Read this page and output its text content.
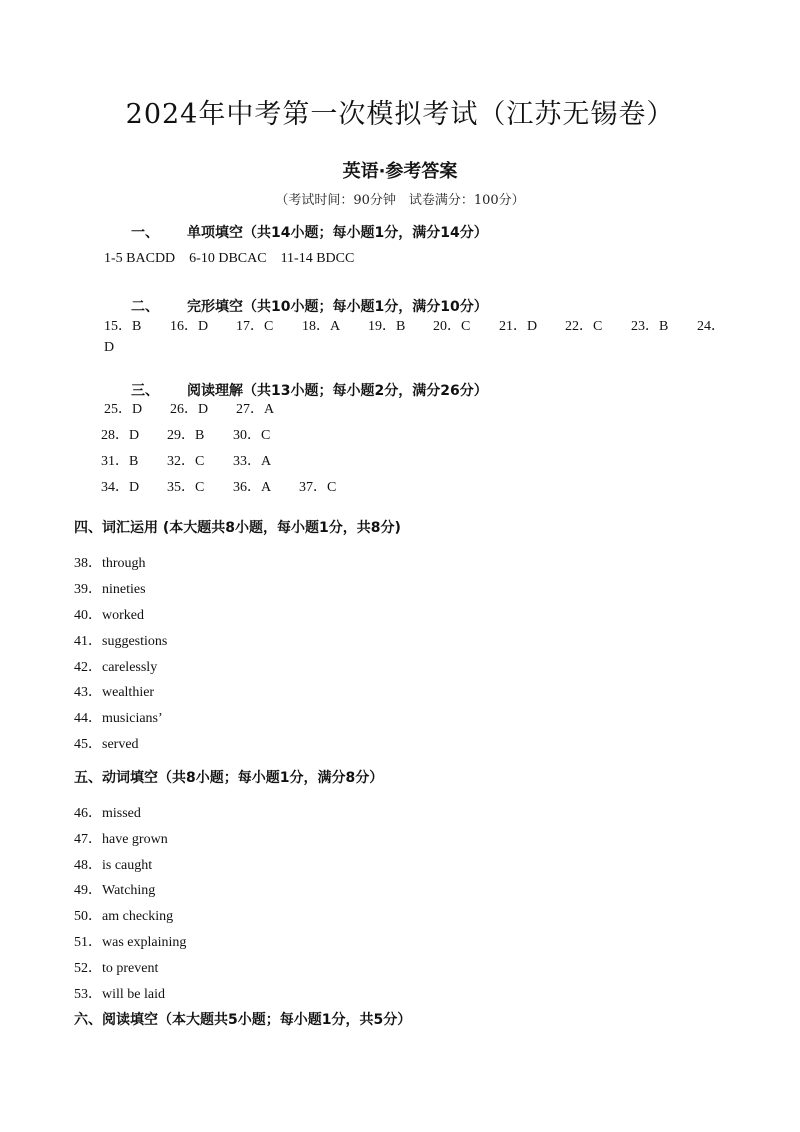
2024年中考第一次模拟考试（江苏无锡卷）
英语·参考答案
（考试时间：90分钟　试卷满分：100分）
一、 单项填空（共14小题；每小题1分，满分14分）
1-5 BACDD　6-10 DBCAC　11-14 BDCC
二、 完形填空（共10小题；每小题1分，满分10分）
15．B 16．D 17．C 18．A 19．B 20．C 21．D 22．C 23．B 24．
D
三、 阅读理解（共13小题；每小题2分，满分26分）
25．D 26．D 27．A
28．D 29．B 30．C
31．B 32．C 33．A
34．D 35．C 36．A 37．C
四、词汇运用 (本大题共8小题，每小题1分，共8分)
38．through
39．nineties
40．worked
41．suggestions
42．carelessly
43．wealthier
44．musicians’
45．served
五、动词填空（共8小题；每小题1分，满分8分）
46．missed
47．have grown
48．is caught
49．Watching
50．am checking
51．was explaining
52．to prevent
53．will be laid
六、阅读填空（本大题共5小题；每小题1分，共5分）
